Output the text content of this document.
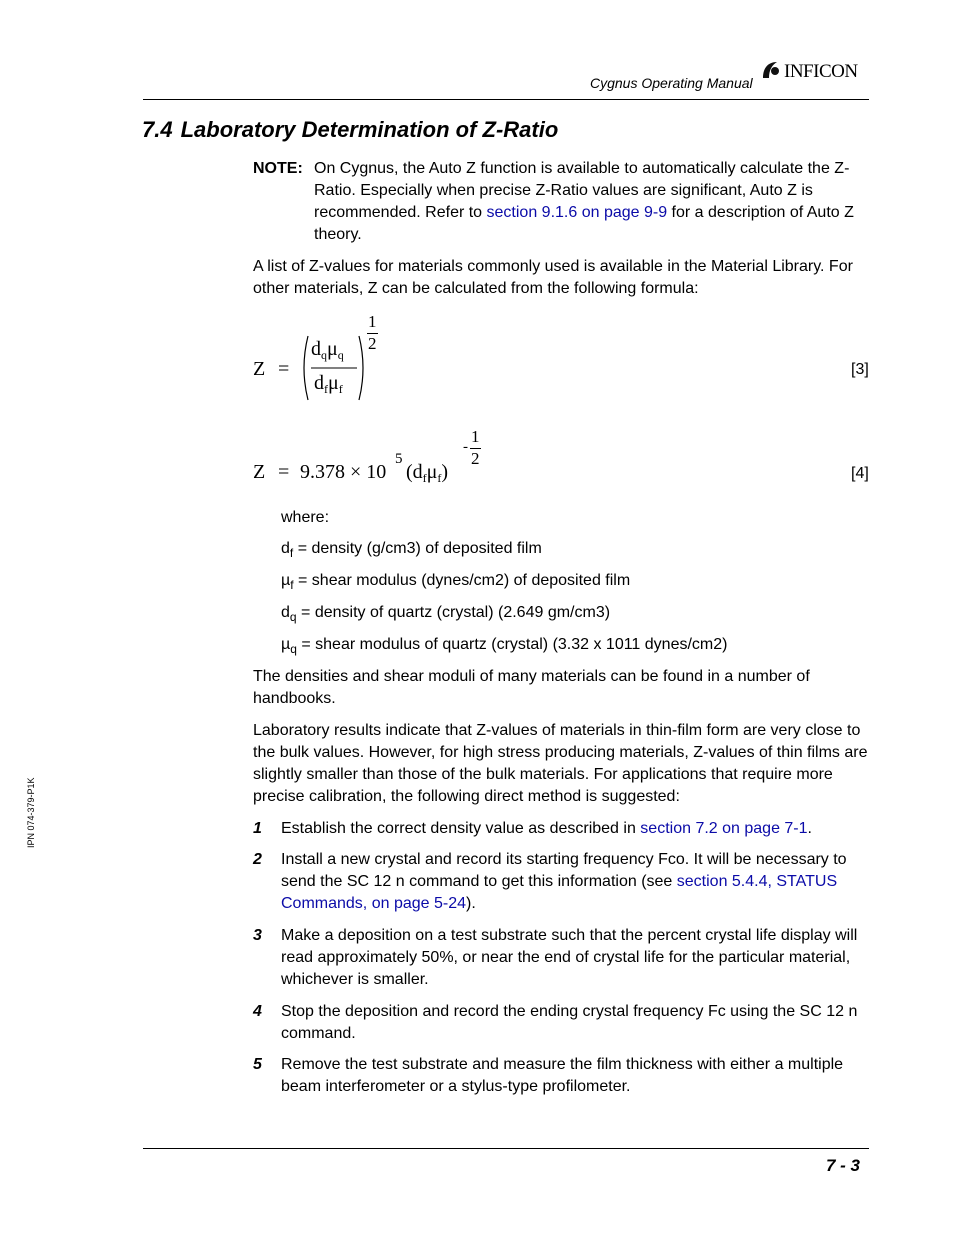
Cygnus Operating Manual
INFICON
7.4 Laboratory Determination of Z-Ratio
NOTE: On Cygnus, the Auto Z function is available to automatically calculate the Z-Ratio. Especially when precise Z-Ratio values are significant, Auto Z is recommended. Refer to section 9.1.6 on page 9-9 for a description of Auto Z theory.
A list of Z-values for materials commonly used is available in the Material Library. For other materials, Z can be calculated from the following formula:
Z =
$d_q\mu_q$
$d_f\mu_f$
1
2
[3]
Z = 9.378 × 10
5
$(d_f\mu_f)$
-
1
2
[4]
where:
$d_f$ = density (g/cm3) of deposited film
µ$_f$ = shear modulus (dynes/cm2) of deposited film
$d_q$ = density of quartz (crystal) (2.649 gm/cm3)
µ$_q$ = shear modulus of quartz (crystal) (3.32 x 1011 dynes/cm2)
The densities and shear moduli of many materials can be found in a number of handbooks.
Laboratory results indicate that Z-values of materials in thin-film form are very close to the bulk values. However, for high stress producing materials, Z-values of thin films are slightly smaller than those of the bulk materials. For applications that require more precise calibration, the following direct method is suggested:
1 Establish the correct density value as described in section 7.2 on page 7-1.
2 Install a new crystal and record its starting frequency Fco. It will be necessary to send the SC 12 n command to get this information (see section 5.4.4, STATUS Commands, on page 5-24).
3 Make a deposition on a test substrate such that the percent crystal life display will read approximately 50%, or near the end of crystal life for the particular material, whichever is smaller.
4 Stop the deposition and record the ending crystal frequency Fc using the SC 12 n command.
5 Remove the test substrate and measure the film thickness with either a multiple beam interferometer or a stylus-type profilometer.
IPN 074-379-P1K
7 - 3
